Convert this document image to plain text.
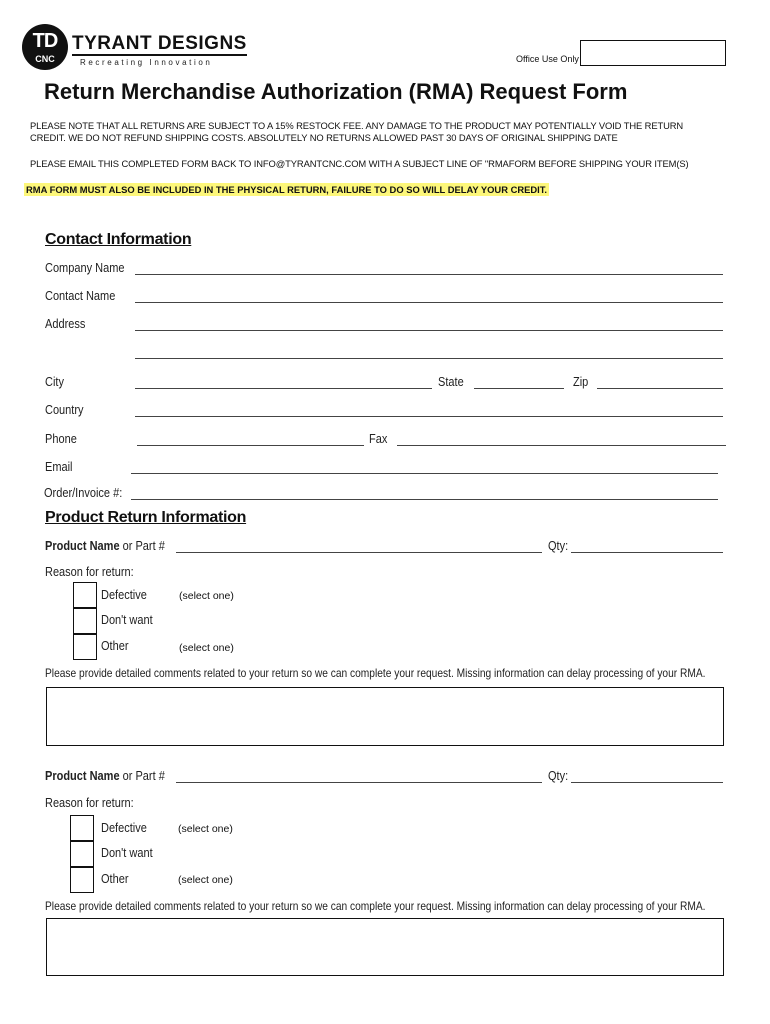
TD
CNC
TYRANT DESIGNS
Recreating Innovation	Office Use Only
Return Merchandise Authorization (RMA) Request Form
PLEASE NOTE THAT ALL RETURNS ARE SUBJECT TO A 15% RESTOCK FEE. ANY DAMAGE TO THE PRODUCT MAY POTENTIALLY VOID THE RETURN
CREDIT. WE DO NOT REFUND SHIPPING COSTS. ABSOLUTELY NO RETURNS ALLOWED PAST 30 DAYS OF ORIGINAL SHIPPING DATE
PLEASE EMAIL THIS COMPLETED FORM BACK TO INFO@TYRANTCNC.COM WITH A SUBJECT LINE OF "RMAFORM BEFORE SHIPPING YOUR ITEM(S)
RMA FORM MUST ALSO BE INCLUDED IN THE PHYSICAL RETURN, FAILURE TO DO SO WILL DELAY YOUR CREDIT.
Contact Information
Company Name
Contact Name
Address
City	State	Zip
Country
Phone	Fax
Email
Order/Invoice #:
Product Return Information
Product Name or Part #	Qty:
Reason for return:
Defective	(select one)
Don't want
Other	(select one)
Please provide detailed comments related to your return so we can complete your request. Missing information can delay processing of your RMA.
Product Name or Part #	Qty:
Reason for return:
Defective	(select one)
Don't want
Other	(select one)
Please provide detailed comments related to your return so we can complete your request. Missing information can delay processing of your RMA.
